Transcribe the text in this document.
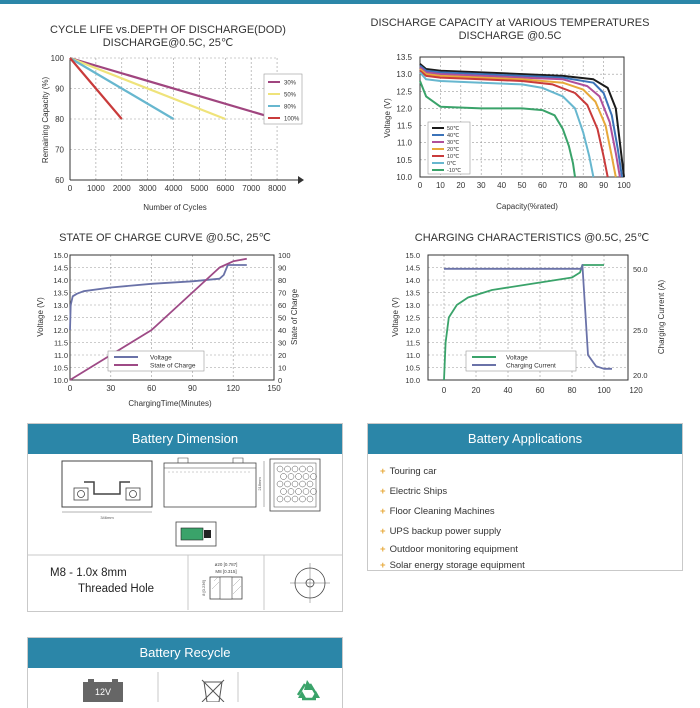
CYCLE LIFE vs.DEPTH OF DISCHARGE(DOD)
DISCHARGE@0.5C, 25℃
Number of Cycles
Remaining Capacity (%)
0 1000 2000 3000 4000 5000 6000 7000 8000
100
90
80
70
60
30%
50%
80%
100%
DISCHARGE CAPACITY at VARIOUS TEMPERATURES
DISCHARGE @0.5C
Capacity(%rated)
Voltage (V)
0 10 20 30 40 50 60 70 80 90 100
13.5
13.0
12.5
12.0
11.5
11.0
10.5
10.0
50℃
40℃
30℃
20℃
10℃
0℃
-10℃
STATE OF CHARGE CURVE @0.5C, 25℃
ChargingTime(Minutes)
Voltage (V)	State of Charge
0	30	60	90	120	150
15.0
14.5
14.0
13.5
13.0
12.5
12.0
11.5
11.0
10.5
10.0
100
90
80
70
60
50
40
30
20
10
0
Voltage
State of Charge
CHARGING CHARACTERISTICS @0.5C, 25℃
Voltage (V)	Charging Current (A)
0	20	40	60	80	100 120
15.0
14.5
14.0
13.5
13.0
12.5
12.0
11.5
11.0
10.5
10.0
50.0
25.0
20.0
Voltage
Charging Current
Battery Dimension
346mm
218mm
ø20 [0.787]
M8 [0.315]
8 [0.236]
M8 - 1.0x 8mm
Threaded Hole
Battery Applications
+ Touring car
+ Electric Ships
+ Floor Cleaning Machines
+ UPS backup power supply
+ Outdoor monitoring equipment
+ Solar energy storage equipment
Battery Recycle
12V
